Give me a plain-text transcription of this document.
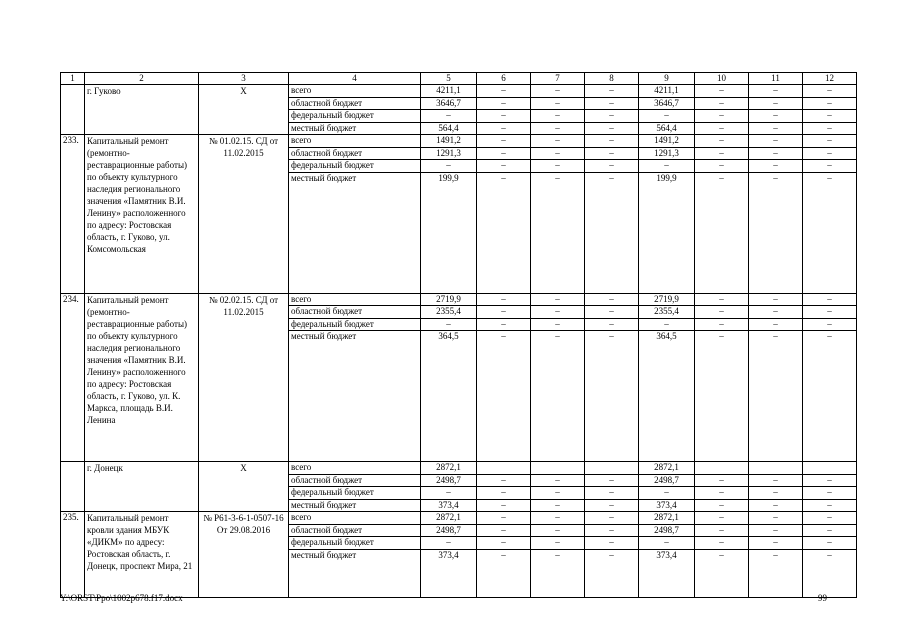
1	2	3	4	5	6	7	8	9	10	11	12
	г. Гуково	Х	всего	4211,1	–	–	–	4211,1	–	–	–
			областной бюджет	3646,7	–	–	–	3646,7	–	–	–
			федеральный бюджет	–	–	–	–	–	–	–	–
			местный бюджет	564,4	–	–	–	564,4	–	–	–
233.	Капитальный ремонт (ремонтно-реставрационные работы) по объекту культурного наследия регионального значения «Памятник В.И. Ленину» расположенного по адресу: Ростовская область, г. Гуково, ул. Комсомольская	№ 01.02.15. СД от 11.02.2015	всего	1491,2	–	–	–	1491,2	–	–	–
			областной бюджет	1291,3	–	–	–	1291,3	–	–	–
			федеральный бюджет	–	–	–	–	–	–	–	–
			местный бюджет	199,9	–	–	–	199,9	–	–	–
234.	Капитальный ремонт (ремонтно-реставрационные работы) по объекту культурного наследия регионального значения «Памятник В.И. Ленину» расположенного по адресу: Ростовская область, г. Гуково, ул. К. Маркса, площадь В.И. Ленина	№ 02.02.15. СД от 11.02.2015	всего	2719,9	–	–	–	2719,9	–	–	–
			областной бюджет	2355,4	–	–	–	2355,4	–	–	–
			федеральный бюджет	–	–	–	–	–	–	–	–
			местный бюджет	364,5	–	–	–	364,5	–	–	–
	г. Донецк	Х	всего	2872,1				2872,1			
			областной бюджет	2498,7	–	–	–	2498,7	–	–	–
			федеральный бюджет	–	–	–	–	–	–	–	–
			местный бюджет	373,4	–	–	–	373,4	–	–	–
235.	Капитальный ремонт кровли здания МБУК «ДИКМ» по адресу: Ростовская область, г. Донецк, проспект Мира, 21	№ Р61-3-6-1-0507-16 От 29.08.2016	всего	2872,1	–	–	–	2872,1	–	–	–
			областной бюджет	2498,7	–	–	–	2498,7	–	–	–
			федеральный бюджет	–	–	–	–	–	–	–	–
			местный бюджет	373,4	–	–	–	373,4	–	–	–
Y:\ORST\Ppo\1002p678.f17.docx	99
